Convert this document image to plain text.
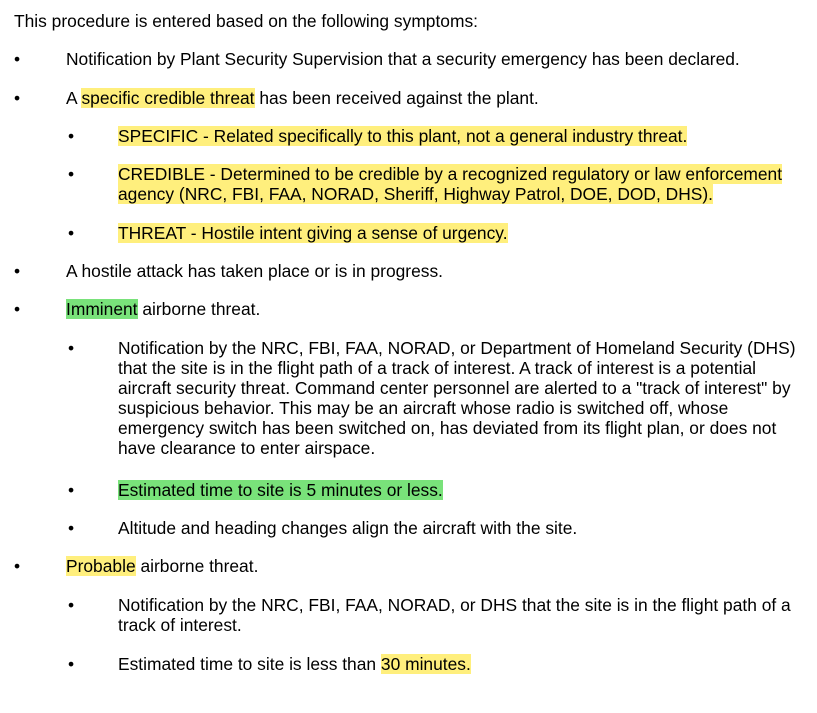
This procedure is entered based on the following symptoms:

•	Notification by Plant Security Supervision that a security emergency has been declared.
•	A specific credible threat has been received against the plant.
•	SPECIFIC - Related specifically to this plant, not a general industry threat.
•	CREDIBLE - Determined to be credible by a recognized regulatory or law enforcement agency (NRC, FBI, FAA, NORAD, Sheriff, Highway Patrol, DOE, DOD, DHS).
•	THREAT - Hostile intent giving a sense of urgency.
•	A hostile attack has taken place or is in progress.
•	Imminent airborne threat.
•	Notification by the NRC, FBI, FAA, NORAD, or Department of Homeland Security (DHS) that the site is in the flight path of a track of interest. A track of interest is a potential aircraft security threat. Command center personnel are alerted to a "track of interest" by suspicious behavior. This may be an aircraft whose radio is switched off, whose emergency switch has been switched on, has deviated from its flight plan, or does not have clearance to enter airspace.
•	Estimated time to site is 5 minutes or less.
•	Altitude and heading changes align the aircraft with the site.
•	Probable airborne threat.
•	Notification by the NRC, FBI, FAA, NORAD, or DHS that the site is in the flight path of a track of interest.
•	Estimated time to site is less than 30 minutes.
